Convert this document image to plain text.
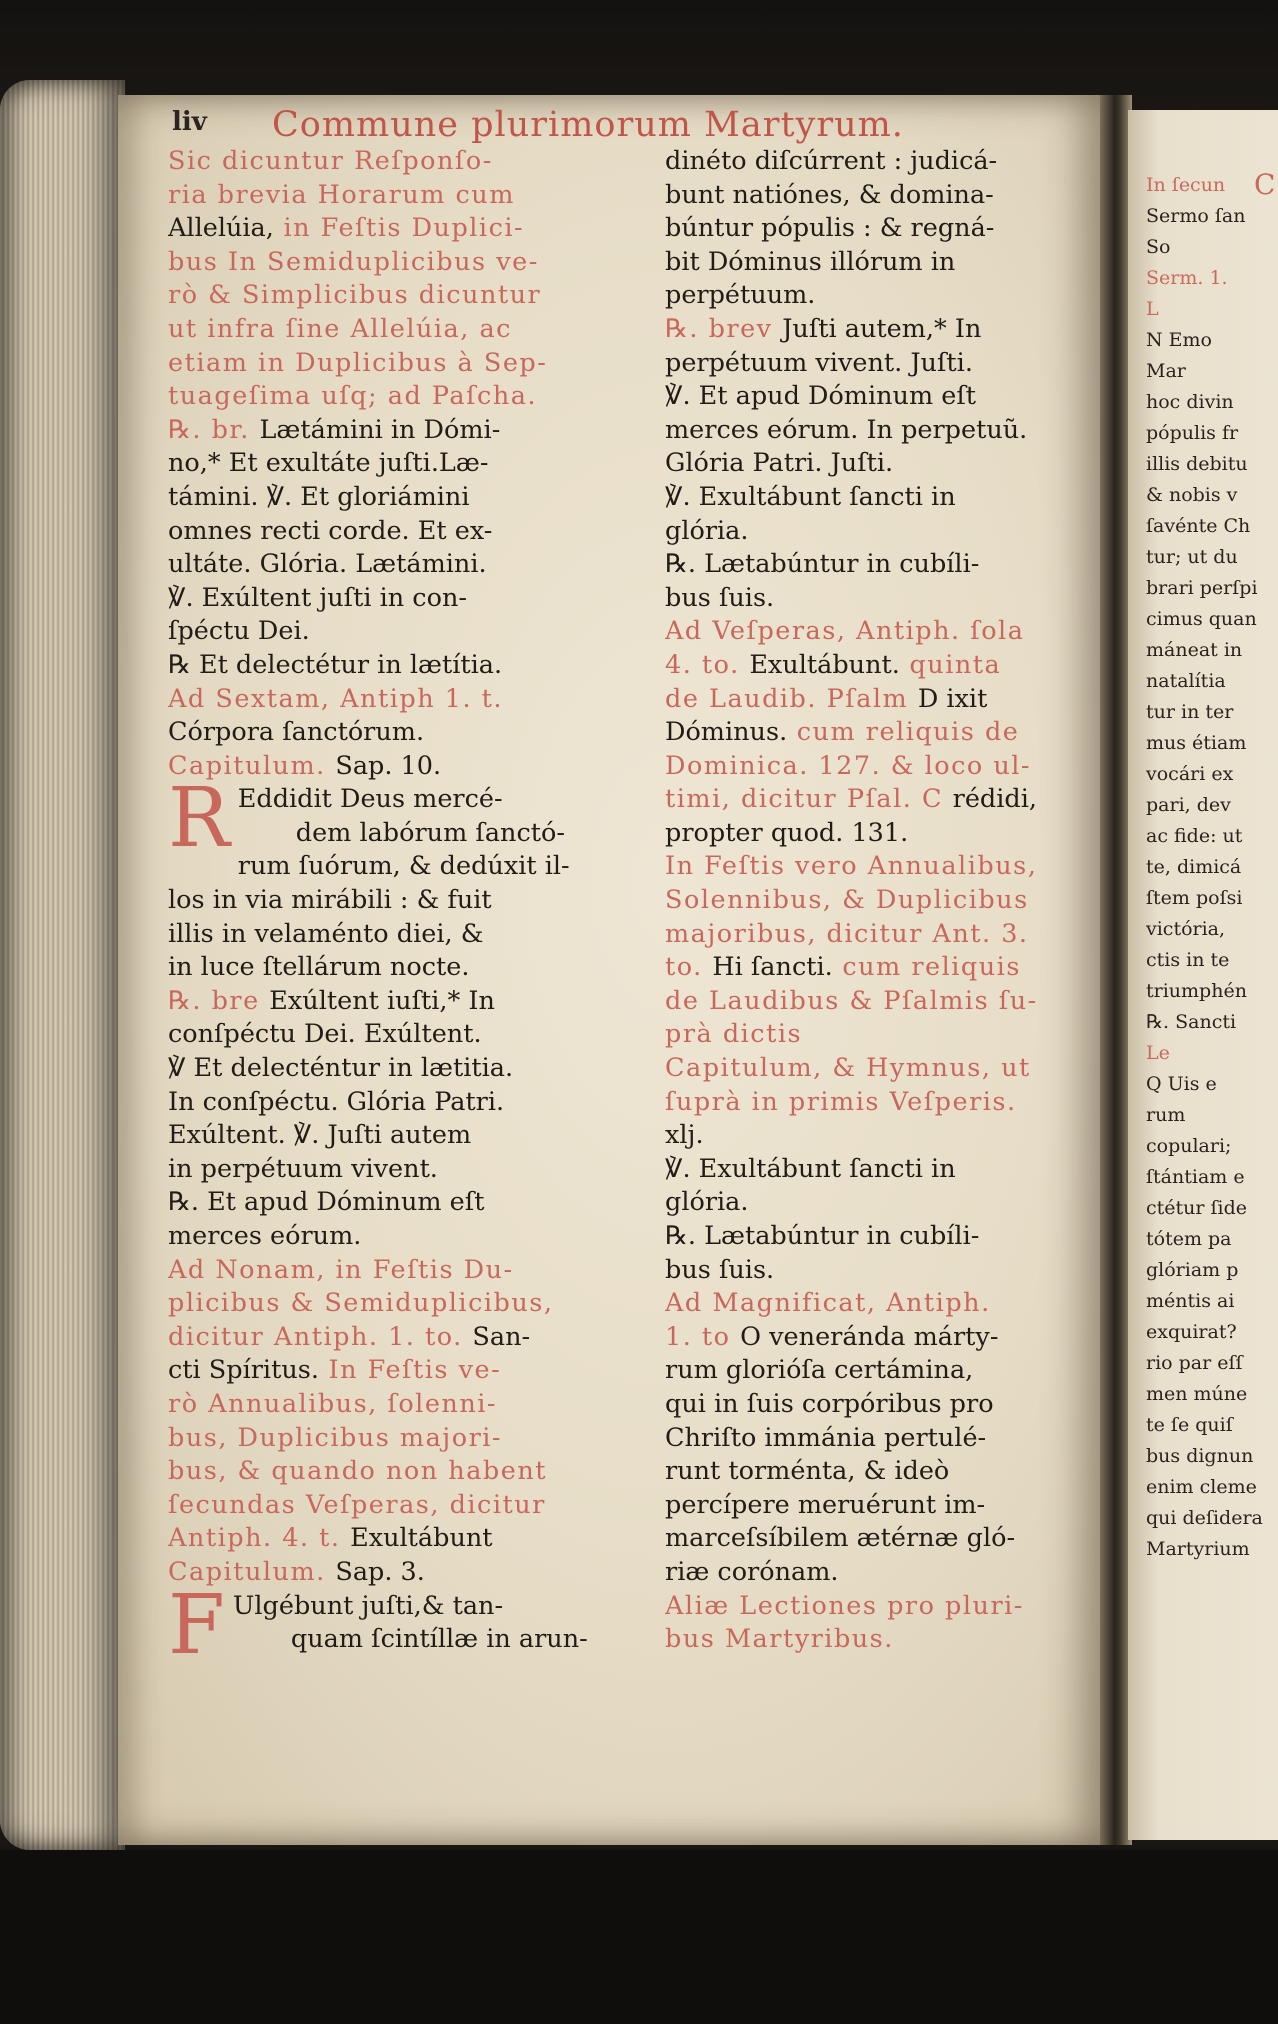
C
In ſecun
Sermo ſan
So
Serm. 1.
L
N Emo
Mar
hoc divin
pópulis fr
illis debitu
& nobis v
ſavénte Ch
tur; ut du
brari perſpi
cimus quan
máneat in
natalítia
tur in ter
mus étiam
vocári ex
pari, dev
ac fide: ut
te, dimicá
ſtem poſsi
victória,
ctis in te
triumphén
℞. Sancti
Le
Q Uis e
rum
copulari;
ſtántiam e
ctétur ſide
tótem pa
glóriam p
méntis ai
exquirat?
rio par eſſ
men múne
te ſe quiſ
bus dignun
enim cleme
qui deſidera
Martyrium
liv Commune plurimorum Martyrum.
Sic dicuntur Reſponſo-
ria brevia Horarum cum
Allelúia, in Feſtis Duplici-
bus In Semiduplicibus ve-
rò & Simplicibus dicuntur
ut infra ſine Allelúia, ac
etiam in Duplicibus à Sep-
tuageſima uſq; ad Paſcha.
℞. br. Lætámini in Dómi-
no,* Et exultáte juſti.Læ-
támini. ℣. Et gloriámini
omnes recti corde. Et ex-
ultáte. Glória. Lætámini.
℣. Exúltent juſti in con-
ſpéctu Dei.
℞ Et delectétur in lætítia.
Ad Sextam, Antiph 1. t.
Córpora ſanctórum.
Capitulum. Sap. 10.
R Eddidit Deus mercé-
dem labórum ſanctó-
rum ſuórum, & dedúxit il-
los in via mirábili : & fuit
illis in velaménto diei, &
in luce ſtellárum nocte.
℞. bre Exúltent iuſti,* In
conſpéctu Dei. Exúltent.
℣ Et delecténtur in lætitia.
In conſpéctu. Glória Patri.
Exúltent. ℣. Juſti autem
in perpétuum vivent.
℞. Et apud Dóminum eſt
merces eórum.
Ad Nonam, in Feſtis Du-
plicibus & Semiduplicibus,
dicitur Antiph. 1. to. San-
cti Spíritus. In Feſtis ve-
rò Annualibus, ſolenni-
bus, Duplicibus majori-
bus, & quando non habent
ſecundas Veſperas, dicitur
Antiph. 4. t. Exultábunt
Capitulum. Sap. 3.
F Ulgébunt juſti,& tan-
quam ſcintíllæ in arun-
dinéto diſcúrrent : judicá-
bunt natiónes, & domina-
búntur pópulis : & regná-
bit Dóminus illórum in
perpétuum.
℞. brev Juſti autem,* In
perpétuum vivent. Juſti.
℣. Et apud Dóminum eſt
merces eórum. In perpetuũ.
Glória Patri. Juſti.
℣. Exultábunt ſancti in
glória.
℞. Lætabúntur in cubíli-
bus ſuis.
Ad Veſperas, Antiph. ſola
4. to. Exultábunt. quinta
de Laudib. Pſalm D ixit
Dóminus. cum reliquis de
Dominica. 127. & loco ul-
timi, dicitur Pſal. C rédidi,
propter quod. 131.
In Feſtis vero Annualibus,
Solennibus, & Duplicibus
majoribus, dicitur Ant. 3.
to. Hi ſancti. cum reliquis
de Laudibus & Pſalmis ſu-
prà dictis
Capitulum, & Hymnus, ut
ſuprà in primis Veſperis.
xlj.
℣. Exultábunt ſancti in
glória.
℞. Lætabúntur in cubíli-
bus ſuis.
Ad Magnificat, Antiph.
1. to O veneránda márty-
rum glorióſa certámina,
qui in ſuis corpóribus pro
Chriſto immánia pertulé-
runt torménta, & ideò
percípere meruérunt im-
marceſsíbilem ætérnæ gló-
riæ corónam.
Aliæ Lectiones pro pluri-
bus Martyribus.
